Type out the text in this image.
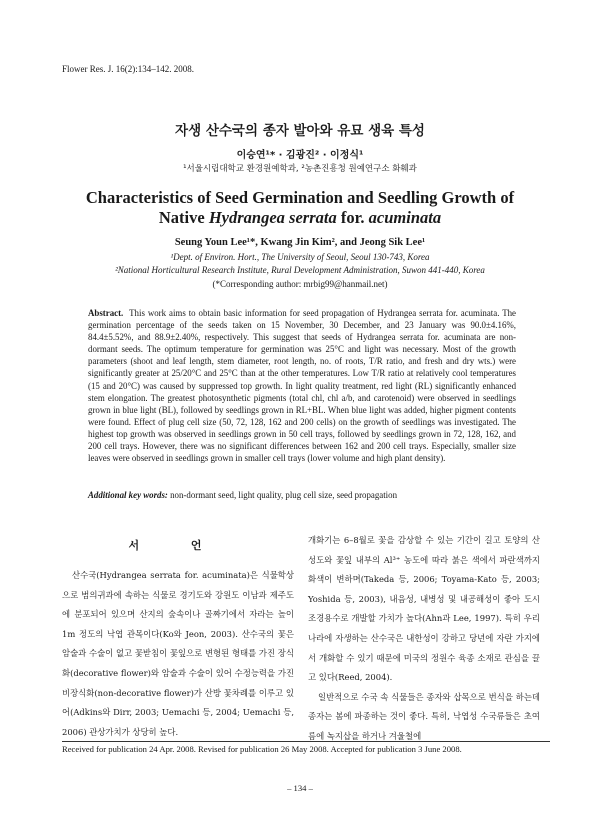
Flower Res. J. 16(2):134–142. 2008.
자생 산수국의 종자 발아와 유묘 생육 특성
이승연¹* · 김광진² · 이정식¹
¹서울시립대학교 환경원예학과, ²농촌진흥청 원예연구소 화훼과
Characteristics of Seed Germination and Seedling Growth of
Native Hydrangea serrata for. acuminata
Seung Youn Lee¹*, Kwang Jin Kim², and Jeong Sik Lee¹
¹Dept. of Environ. Hort., The University of Seoul, Seoul 130-743, Korea
²National Horticultural Research Institute, Rural Development Administration, Suwon 441-440, Korea
(*Corresponding author: mrbig99@hanmail.net)
Abstract. This work aims to obtain basic information for seed propagation of Hydrangea serrata for. acuminata. The germination percentage of the seeds taken on 15 November, 30 December, and 23 January was 90.0±4.16%, 84.4±5.52%, and 88.9±2.40%, respectively. This suggest that seeds of Hydrangea serrata for. acuminata are non-dormant seeds. The optimum temperature for germination was 25°C and light was necessary. Most of the growth parameters (shoot and leaf length, stem diameter, root length, no. of roots, T/R ratio, and fresh and dry wts.) were significantly greater at 25/20°C and 25°C than at the other temperatures. Low T/R ratio at relatively cool temperatures (15 and 20°C) was caused by suppressed top growth. In light quality treatment, red light (RL) significantly enhanced stem elongation. The greatest photosynthetic pigments (total chl, chl a/b, and carotenoid) were observed in seedlings grown in blue light (BL), followed by seedlings grown in RL+BL. When blue light was added, higher pigment contents were found. Effect of plug cell size (50, 72, 128, 162 and 200 cells) on the growth of seedlings was investigated. The highest top growth was observed in seedlings grown in 50 cell trays, followed by seedlings grown in 72, 128, 162, and 200 cell trays. However, there was no significant differences between 162 and 200 cell trays. Especially, smaller size leaves were observed in seedlings grown in smaller cell trays (lower volume and high plant density).
Additional key words: non-dormant seed, light quality, plug cell size, seed propagation
서 언
산수국(Hydrangea serrata for. acuminata)은 식물학상으로 범의귀과에 속하는 식물로 경기도와 강원도 이남과 제주도에 분포되어 있으며 산지의 숲속이나 골짜기에서 자라는 높이 1m 정도의 낙엽 관목이다(Ko와 Jeon, 2003). 산수국의 꽃은 암술과 수술이 없고 꽃받침이 꽃잎으로 변형된 형태를 가진 장식화(decorative flower)와 암술과 수술이 있어 수정능력을 가진 비장식화(non-decorative flower)가 산방 꽃차례를 이루고 있어(Adkins와 Dirr, 2003; Uemachi 등, 2004; Uemachi 등, 2006) 관상가치가 상당히 높다.

개화기는 6–8월로 꽃을 감상할 수 있는 기간이 길고 토양의 산성도와 꽃잎 내부의 Al³⁺ 농도에 따라 붉은 색에서 파란색까지 화색이 변하며(Takeda 등, 2006; Toyama-Kato 등, 2003; Yoshida 등, 2003), 내음성, 내병성 및 내공해성이 좋아 도시 조경용수로 개발할 가치가 높다(Ahn과 Lee, 1997). 특히 우리나라에 자생하는 산수국은 내한성이 강하고 당년에 자란 가지에서 개화할 수 있기 때문에 미국의 정원수 육종 소재로 관심을 끌고 있다(Reed, 2004).

일반적으로 수국 속 식물들은 종자와 삽목으로 번식을 하는데 종자는 봄에 파종하는 것이 좋다. 특히, 낙엽성 수국류들은 초여름에 녹지삽을 하거나 겨울철에

Received for publication 24 Apr. 2008. Revised for publication 26 May 2008. Accepted for publication 3 June 2008.
– 134 –
